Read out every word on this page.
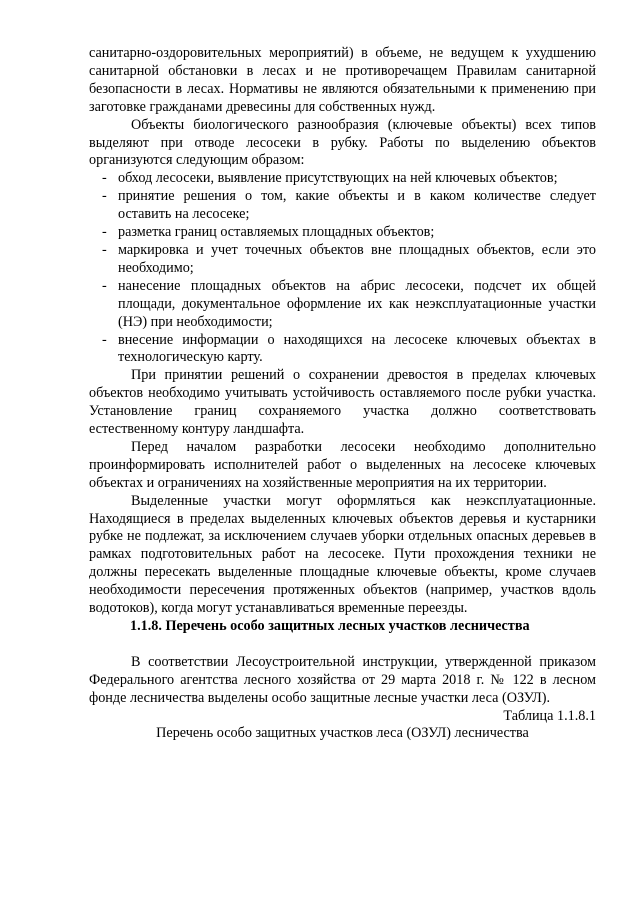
санитарно-оздоровительных мероприятий) в объеме, не ведущем к ухудшению санитарной обстановки в лесах и не противоречащем Правилам санитарной безопасности в лесах. Нормативы не являются обязательными к применению при заготовке гражданами древесины для собственных нужд.

Объекты биологического разнообразия (ключевые объекты) всех типов выделяют при отводе лесосеки в рубку. Работы по выделению объектов организуются следующим образом:

- обход лесосеки, выявление присутствующих на ней ключевых объектов;
- принятие решения о том, какие объекты и в каком количестве следует оставить на лесосеке;
- разметка границ оставляемых площадных объектов;
- маркировка и учет точечных объектов вне площадных объектов, если это необходимо;
- нанесение площадных объектов на абрис лесосеки, подсчет их общей площади, документальное оформление их как неэксплуатационные участки (НЭ) при необходимости;
- внесение информации о находящихся на лесосеке ключевых объектах в технологическую карту.

При принятии решений о сохранении древостоя в пределах ключевых объектов необходимо учитывать устойчивость оставляемого после рубки участка. Установление границ сохраняемого участка должно соответствовать естественному контуру ландшафта.

Перед началом разработки лесосеки необходимо дополнительно проинформировать исполнителей работ о выделенных на лесосеке ключевых объектах и ограничениях на хозяйственные мероприятия на их территории.

Выделенные участки могут оформляться как неэксплуатационные. Находящиеся в пределах выделенных ключевых объектов деревья и кустарники рубке не подлежат, за исключением случаев уборки отдельных опасных деревьев в рамках подготовительных работ на лесосеке. Пути прохождения техники не должны пересекать выделенные площадные ключевые объекты, кроме случаев необходимости пересечения протяженных объектов (например, участков вдоль водотоков), когда могут устанавливаться временные переезды.

1.1.8. Перечень особо защитных лесных участков лесничества

В соответствии Лесоустроительной инструкции, утвержденной приказом Федерального агентства лесного хозяйства от 29 марта 2018 г. № 122 в лесном фонде лесничества выделены особо защитные лесные участки леса (ОЗУЛ).

Таблица 1.1.8.1

Перечень особо защитных участков леса (ОЗУЛ) лесничества
